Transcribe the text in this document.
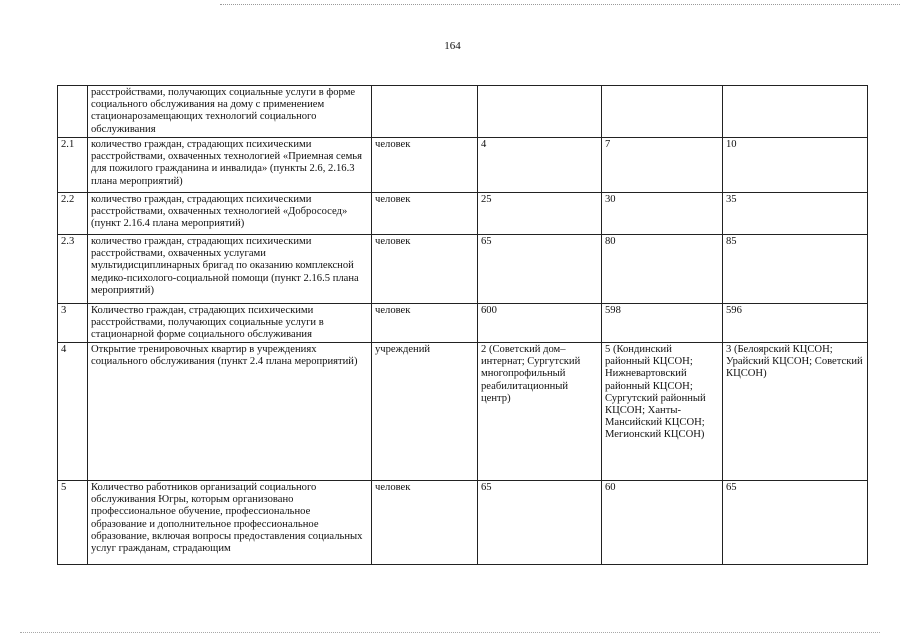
164
	расстройствами, получающих социальные услуги в форме социального обслуживания на дому с применением стационарозамещающих технологий социального обслуживания				
2.1	количество граждан, страдающих психическими расстройствами, охваченных технологией «Приемная семья для пожилого гражданина и инвалида» (пункты 2.6, 2.16.3 плана мероприятий)	человек	4	7	10
2.2	количество граждан, страдающих психическими расстройствами, охваченных технологией «Добрососед» (пункт 2.16.4 плана мероприятий)	человек	25	30	35
2.3	количество граждан, страдающих психическими расстройствами, охваченных услугами мультидисциплинарных бригад по оказанию комплексной медико-психолого-социальной помощи (пункт 2.16.5 плана мероприятий)	человек	65	80	85
3	Количество граждан, страдающих психическими расстройствами, получающих социальные услуги в стационарной форме социального обслуживания	человек	600	598	596
4	Открытие тренировочных квартир в учреждениях социального обслуживания (пункт 2.4 плана мероприятий)	учреждений	2 (Советский дом–интернат; Сургутский многопрофильный реабилитационный центр)	5 (Кондинский районный КЦСОН; Нижневартовский районный КЦСОН; Сургутский районный КЦСОН; Ханты-Мансийский КЦСОН; Мегионский КЦСОН)	3 (Белоярский КЦСОН; Урайский КЦСОН; Советский КЦСОН)
5	Количество работников организаций социального обслуживания Югры, которым организовано профессиональное обучение, профессиональное образование и дополнительное профессиональное образование, включая вопросы предоставления социальных услуг гражданам, страдающим	человек	65	60	65
